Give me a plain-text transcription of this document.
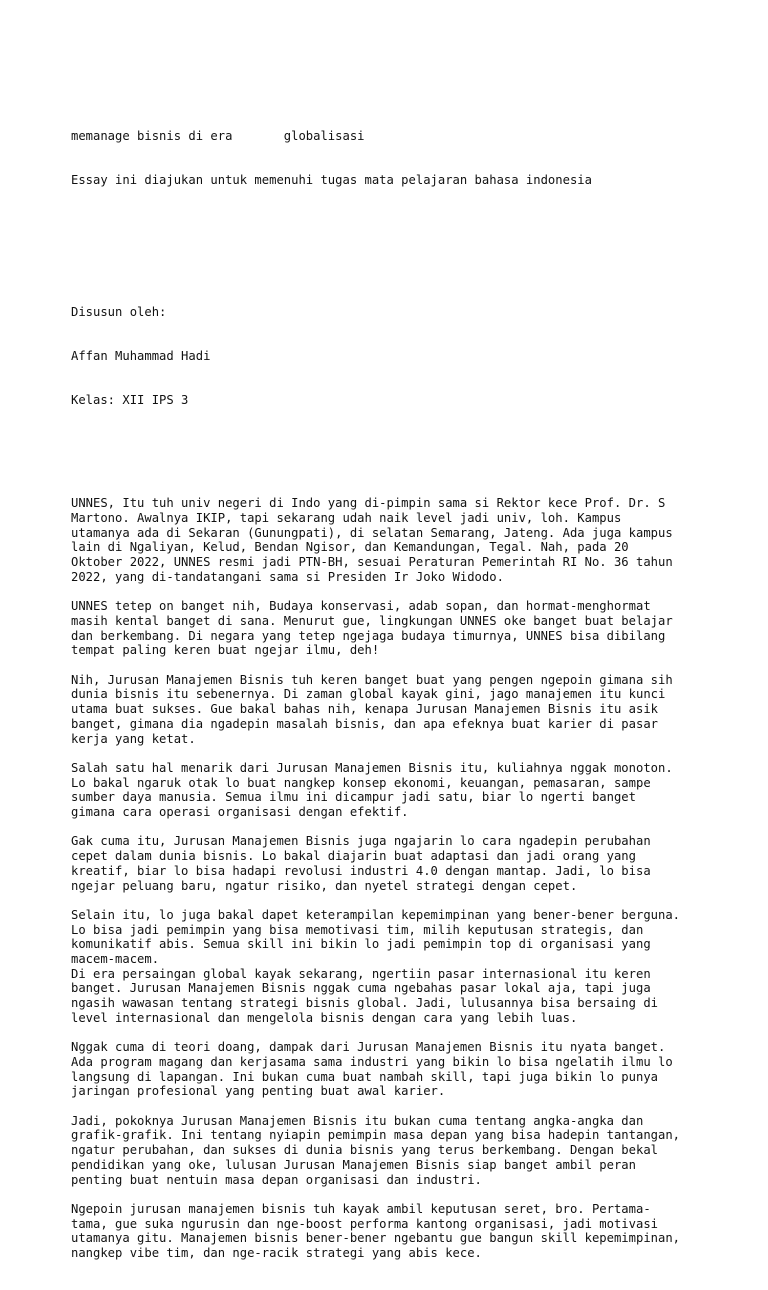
memanage bisnis di era       globalisasi

Essay ini diajukan untuk memenuhi tugas mata pelajaran bahasa indonesia

Disusun oleh:

Affan Muhammad Hadi

Kelas: XII IPS 3

UNNES, Itu tuh univ negeri di Indo yang di-pimpin sama si Rektor kece Prof. Dr. S
Martono. Awalnya IKIP, tapi sekarang udah naik level jadi univ, loh. Kampus
utamanya ada di Sekaran (Gunungpati), di selatan Semarang, Jateng. Ada juga kampus
lain di Ngaliyan, Kelud, Bendan Ngisor, dan Kemandungan, Tegal. Nah, pada 20
Oktober 2022, UNNES resmi jadi PTN-BH, sesuai Peraturan Pemerintah RI No. 36 tahun
2022, yang di-tandatangani sama si Presiden Ir Joko Widodo.
UNNES tetep on banget nih, Budaya konservasi, adab sopan, dan hormat-menghormat
masih kental banget di sana. Menurut gue, lingkungan UNNES oke banget buat belajar
dan berkembang. Di negara yang tetep ngejaga budaya timurnya, UNNES bisa dibilang
tempat paling keren buat ngejar ilmu, deh!
Nih, Jurusan Manajemen Bisnis tuh keren banget buat yang pengen ngepoin gimana sih
dunia bisnis itu sebenernya. Di zaman global kayak gini, jago manajemen itu kunci
utama buat sukses. Gue bakal bahas nih, kenapa Jurusan Manajemen Bisnis itu asik
banget, gimana dia ngadepin masalah bisnis, dan apa efeknya buat karier di pasar
kerja yang ketat.
Salah satu hal menarik dari Jurusan Manajemen Bisnis itu, kuliahnya nggak monoton.
Lo bakal ngaruk otak lo buat nangkep konsep ekonomi, keuangan, pemasaran, sampe
sumber daya manusia. Semua ilmu ini dicampur jadi satu, biar lo ngerti banget
gimana cara operasi organisasi dengan efektif.
Gak cuma itu, Jurusan Manajemen Bisnis juga ngajarin lo cara ngadepin perubahan
cepet dalam dunia bisnis. Lo bakal diajarin buat adaptasi dan jadi orang yang
kreatif, biar lo bisa hadapi revolusi industri 4.0 dengan mantap. Jadi, lo bisa
ngejar peluang baru, ngatur risiko, dan nyetel strategi dengan cepet.
Selain itu, lo juga bakal dapet keterampilan kepemimpinan yang bener-bener berguna.
Lo bisa jadi pemimpin yang bisa memotivasi tim, milih keputusan strategis, dan
komunikatif abis. Semua skill ini bikin lo jadi pemimpin top di organisasi yang
macem-macem.
Di era persaingan global kayak sekarang, ngertiin pasar internasional itu keren
banget. Jurusan Manajemen Bisnis nggak cuma ngebahas pasar lokal aja, tapi juga
ngasih wawasan tentang strategi bisnis global. Jadi, lulusannya bisa bersaing di
level internasional dan mengelola bisnis dengan cara yang lebih luas.
Nggak cuma di teori doang, dampak dari Jurusan Manajemen Bisnis itu nyata banget.
Ada program magang dan kerjasama sama industri yang bikin lo bisa ngelatih ilmu lo
langsung di lapangan. Ini bukan cuma buat nambah skill, tapi juga bikin lo punya
jaringan profesional yang penting buat awal karier.
Jadi, pokoknya Jurusan Manajemen Bisnis itu bukan cuma tentang angka-angka dan
grafik-grafik. Ini tentang nyiapin pemimpin masa depan yang bisa hadepin tantangan,
ngatur perubahan, dan sukses di dunia bisnis yang terus berkembang. Dengan bekal
pendidikan yang oke, lulusan Jurusan Manajemen Bisnis siap banget ambil peran
penting buat nentuin masa depan organisasi dan industri.
Ngepoin jurusan manajemen bisnis tuh kayak ambil keputusan seret, bro. Pertama-
tama, gue suka ngurusin dan nge-boost performa kantong organisasi, jadi motivasi
utamanya gitu. Manajemen bisnis bener-bener ngebantu gue bangun skill kepemimpinan,
nangkep vibe tim, dan nge-racik strategi yang abis kece.
